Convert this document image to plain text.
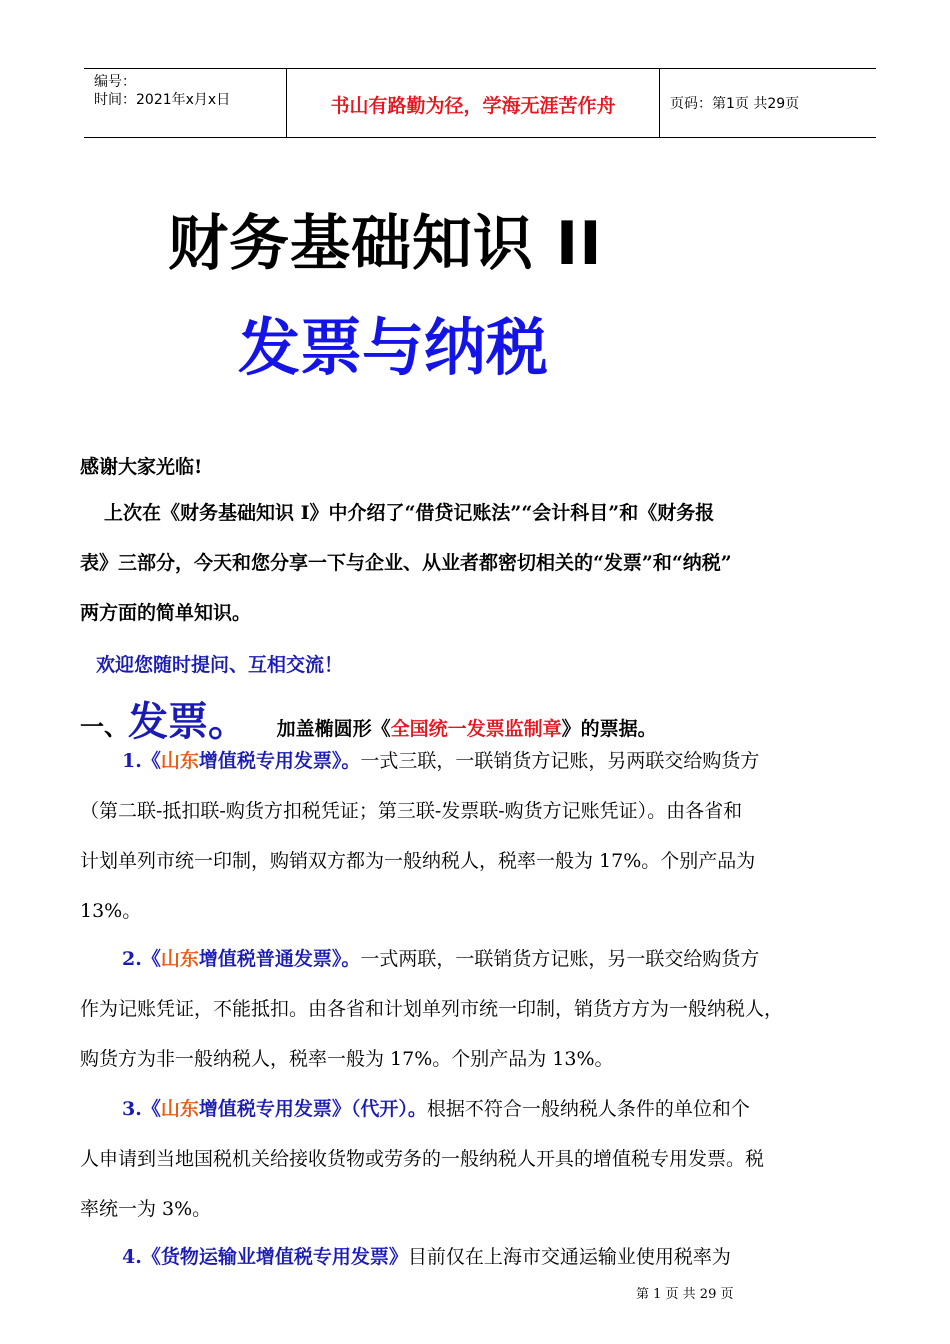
编号：
时间：2021年x月x日	书山有路勤为径，学海无涯苦作舟	页码：第1页 共29页
财务基础知识 II
发票与纳税
感谢大家光临!
上次在《财务基础知识 I》中介绍了“借贷记账法”“会计科目”和《财务报
表》三部分，今天和您分享一下与企业、从业者都密切相关的“发票”和“纳税”
两方面的简单知识。
欢迎您随时提问、互相交流！
一、发票。 加盖椭圆形《全国统一发票监制章》的票据。
1.《山东增值税专用发票》。一式三联，一联销货方记账，另两联交给购货方
（第二联-抵扣联-购货方扣税凭证；第三联-发票联-购货方记账凭证）。由各省和
计划单列市统一印制，购销双方都为一般纳税人，税率一般为 17%。个别产品为
13%。
2.《山东增值税普通发票》。一式两联，一联销货方记账，另一联交给购货方
作为记账凭证，不能抵扣。由各省和计划单列市统一印制，销货方方为一般纳税人，
购货方为非一般纳税人，税率一般为 17%。个别产品为 13%。
3.《山东增值税专用发票》（代开）。根据不符合一般纳税人条件的单位和个
人申请到当地国税机关给接收货物或劳务的一般纳税人开具的增值税专用发票。税
率统一为 3%。
4.《货物运输业增值税专用发票》目前仅在上海市交通运输业使用税率为
第 1 页 共 29 页
